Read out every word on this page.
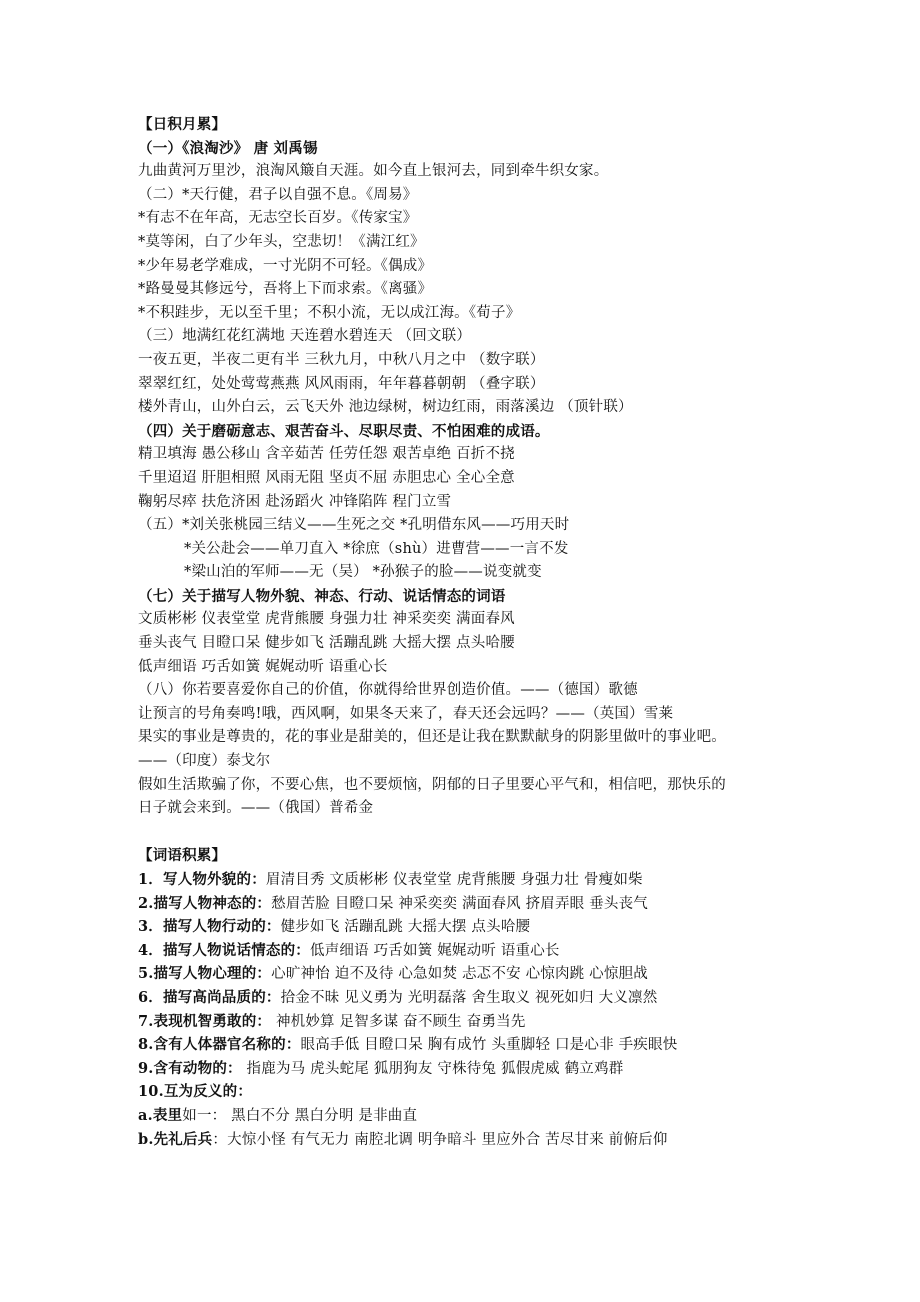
【日积月累】
（一）《浪淘沙》 唐 刘禹锡
九曲黄河万里沙，浪淘风簸自天涯。如今直上银河去，同到牵牛织女家。
（二）*天行健，君子以自强不息。《周易》
*有志不在年高，无志空长百岁。《传家宝》
*莫等闲，白了少年头，空悲切！《满江红》
*少年易老学难成，一寸光阴不可轻。《偶成》
*路曼曼其修远兮，吾将上下而求索。《离骚》
*不积跬步，无以至千里；不积小流，无以成江海。《荀子》
（三）地满红花红满地 天连碧水碧连天 （回文联）
一夜五更，半夜二更有半 三秋九月，中秋八月之中 （数字联）
翠翠红红，处处莺莺燕燕 风风雨雨，年年暮暮朝朝 （叠字联）
楼外青山，山外白云，云飞天外 池边绿树，树边红雨，雨落溪边 （顶针联）
（四）关于磨砺意志、艰苦奋斗、尽职尽责、不怕困难的成语。
精卫填海 愚公移山 含辛茹苦 任劳任怨 艰苦卓绝 百折不挠
千里迢迢 肝胆相照 风雨无阻 坚贞不屈 赤胆忠心 全心全意
鞠躬尽瘁 扶危济困 赴汤蹈火 冲锋陷阵 程门立雪
（五）*刘关张桃园三结义——生死之交 *孔明借东风——巧用天时
*关公赴会——单刀直入 *徐庶（shù）进曹营——一言不发
*梁山泊的军师——无（吴） *孙猴子的脸——说变就变
（七）关于描写人物外貌、神态、行动、说话情态的词语
文质彬彬 仪表堂堂 虎背熊腰 身强力壮 神采奕奕 满面春风
垂头丧气 目瞪口呆 健步如飞 活蹦乱跳 大摇大摆 点头哈腰
低声细语 巧舌如簧 娓娓动听 语重心长
（八）你若要喜爱你自己的价值，你就得给世界创造价值。——（德国）歌德
让预言的号角奏鸣!哦，西风啊，如果冬天来了，春天还会远吗？——（英国）雪莱
果实的事业是尊贵的，花的事业是甜美的，但还是让我在默默献身的阴影里做叶的事业吧。
——（印度）泰戈尔
假如生活欺骗了你，不要心焦，也不要烦恼，阴郁的日子里要心平气和，相信吧，那快乐的
日子就会来到。——（俄国）普希金
【词语积累】
1．写人物外貌的：眉清目秀 文质彬彬 仪表堂堂 虎背熊腰 身强力壮 骨瘦如柴
2.描写人物神态的：愁眉苦脸 目瞪口呆 神采奕奕 满面春风 挤眉弄眼 垂头丧气
3．描写人物行动的：健步如飞 活蹦乱跳 大摇大摆 点头哈腰
4．描写人物说话情态的：低声细语 巧舌如簧 娓娓动听 语重心长
5.描写人物心理的：心旷神怡 迫不及待 心急如焚 忐忑不安 心惊肉跳 心惊胆战
6．描写高尚品质的：拾金不昧 见义勇为 光明磊落 舍生取义 视死如归 大义凛然
7.表现机智勇敢的： 神机妙算 足智多谋 奋不顾生 奋勇当先
8.含有人体器官名称的：眼高手低 目瞪口呆 胸有成竹 头重脚轻 口是心非 手疾眼快
9.含有动物的： 指鹿为马 虎头蛇尾 狐朋狗友 守株待兔 狐假虎威 鹤立鸡群
10.互为反义的：
a.表里如一： 黑白不分 黑白分明 是非曲直
b.先礼后兵：大惊小怪 有气无力 南腔北调 明争暗斗 里应外合 苦尽甘来 前俯后仰
